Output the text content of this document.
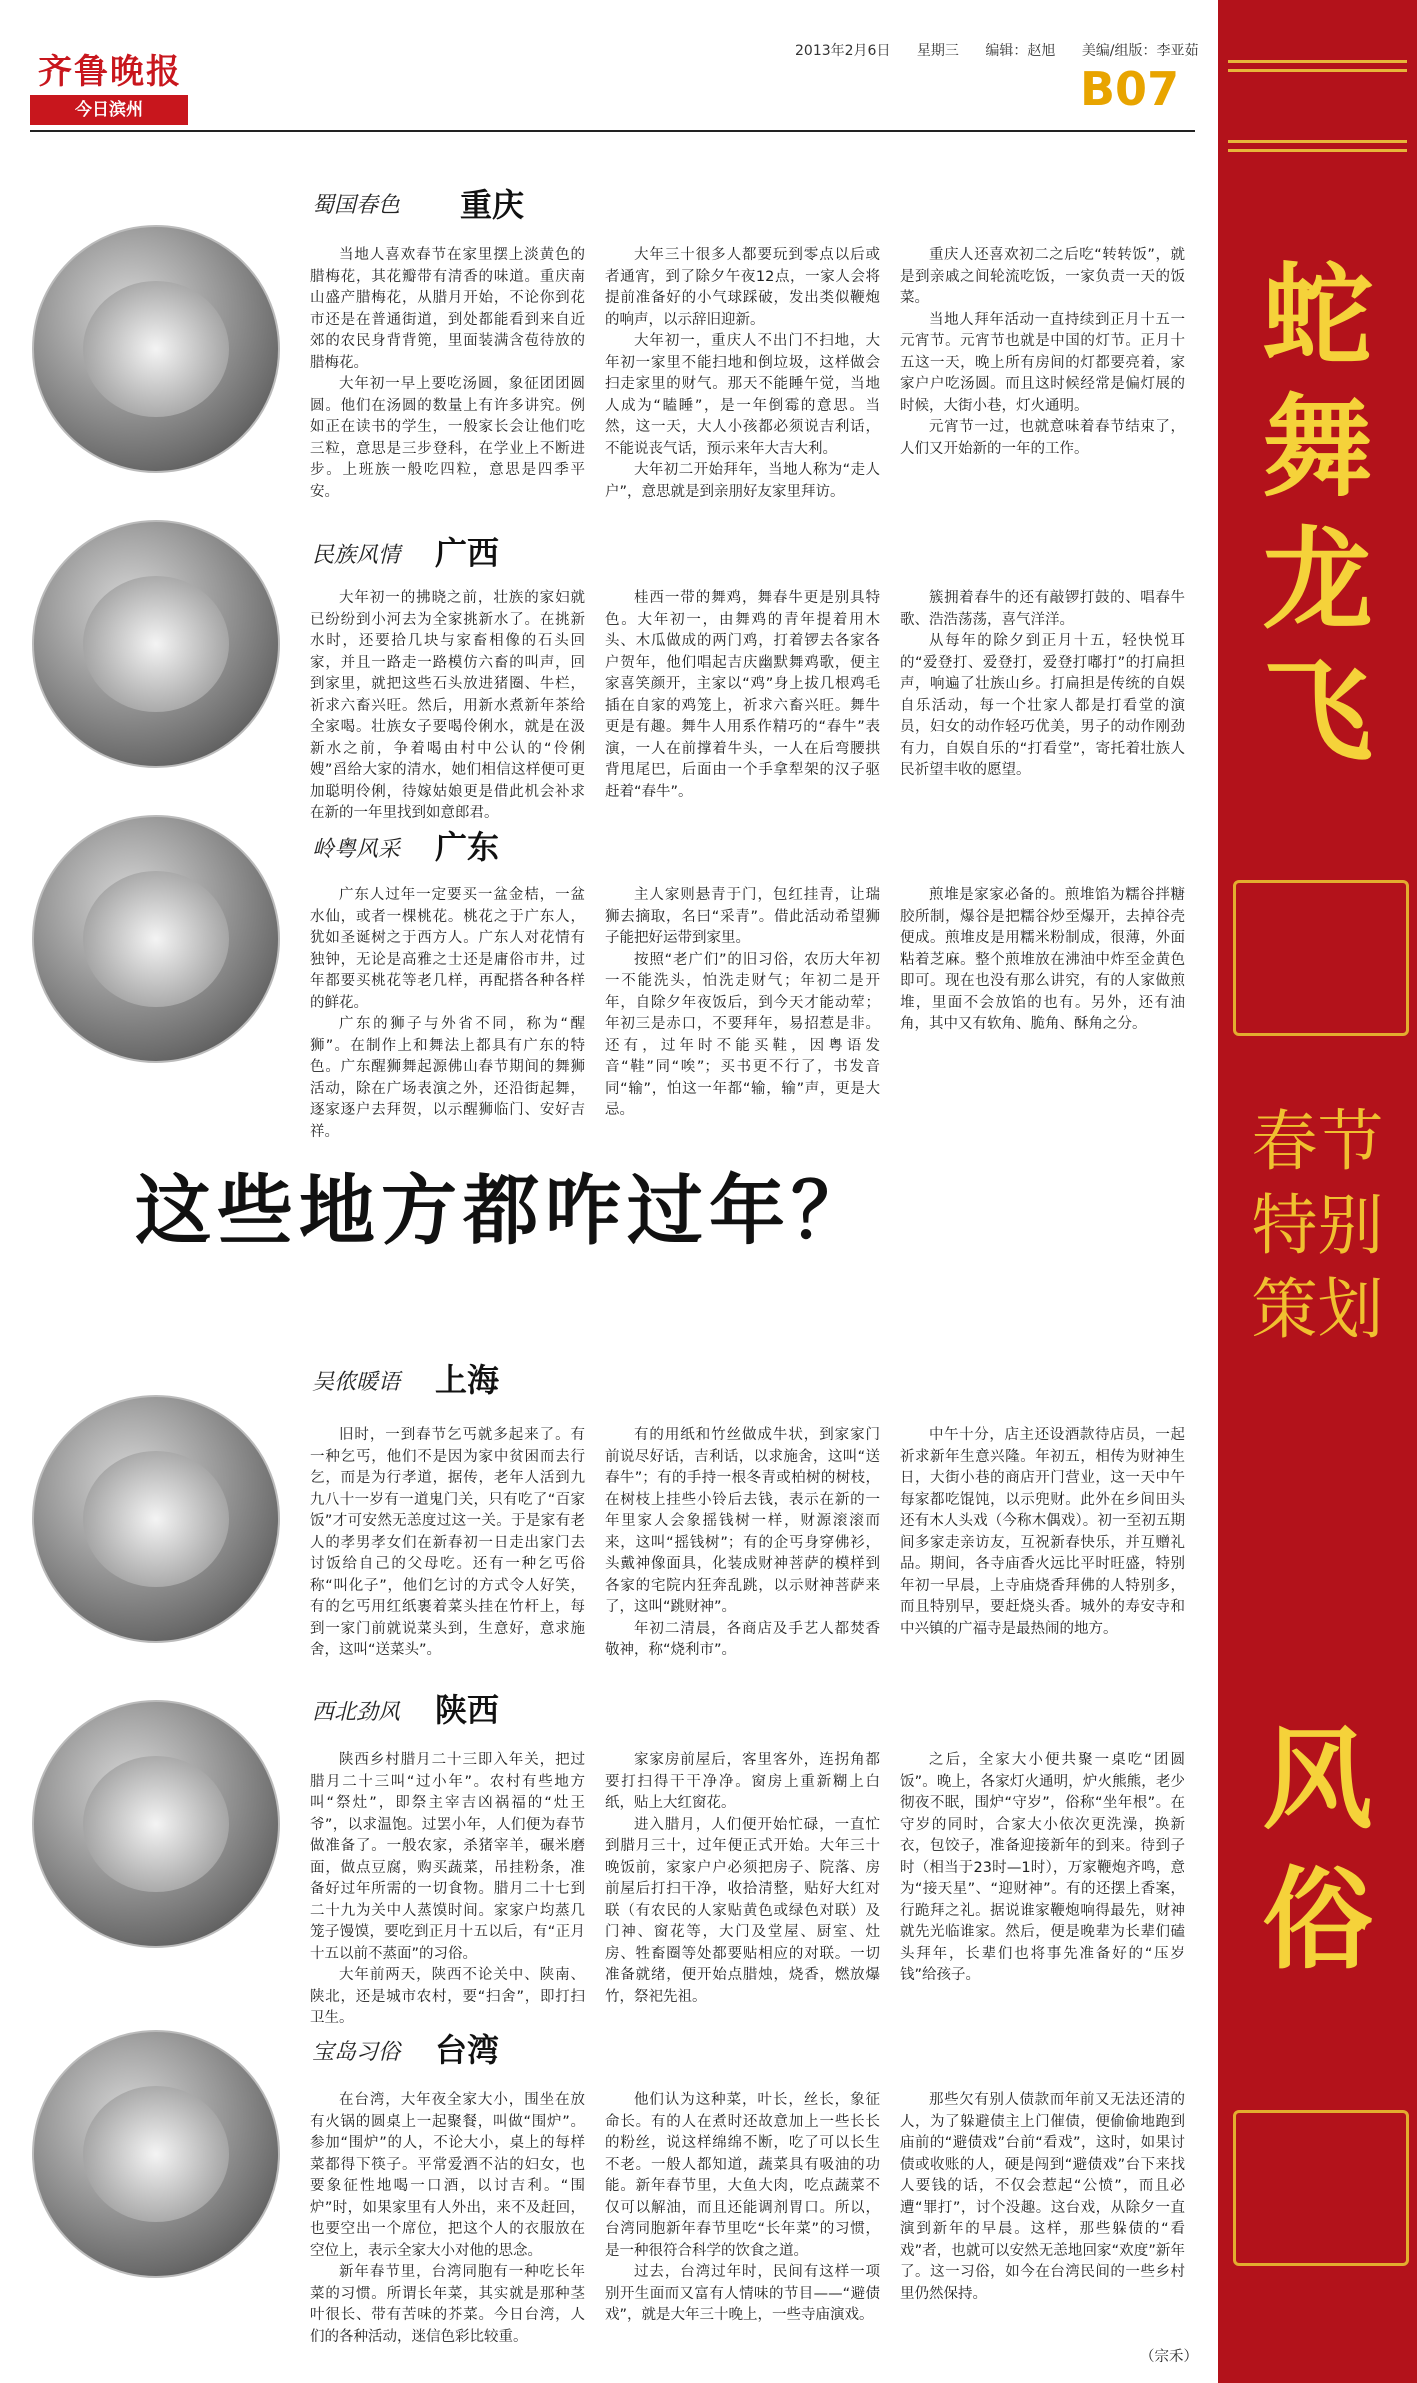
齐鲁晚报
今日滨州
2013年2月6日 星期三 编辑：赵旭 美编/组版：李亚茹
B07
蛇舞龙飞
春节特别策划
风俗
蜀国春色 重庆

当地人喜欢春节在家里摆上淡黄色的腊梅花，其花瓣带有清香的味道。重庆南山盛产腊梅花，从腊月开始，不论你到花市还是在普通街道，到处都能看到来自近郊的农民身背背篼，里面装满含苞待放的腊梅花。

大年初一早上要吃汤圆，象征团团圆圆。他们在汤圆的数量上有许多讲究。例如正在读书的学生，一般家长会让他们吃三粒，意思是三步登科，在学业上不断进步。上班族一般吃四粒，意思是四季平安。

大年三十很多人都要玩到零点以后或者通宵，到了除夕午夜12点，一家人会将提前准备好的小气球踩破，发出类似鞭炮的响声，以示辞旧迎新。

大年初一，重庆人不出门不扫地，大年初一家里不能扫地和倒垃圾，这样做会扫走家里的财气。那天不能睡午觉，当地人成为“瞌睡”，是一年倒霉的意思。当然，这一天，大人小孩都必须说吉利话，不能说丧气话，预示来年大吉大利。

大年初二开始拜年，当地人称为“走人户”，意思就是到亲朋好友家里拜访。

重庆人还喜欢初二之后吃“转转饭”，就是到亲戚之间轮流吃饭，一家负责一天的饭菜。

当地人拜年活动一直持续到正月十五一元宵节。元宵节也就是中国的灯节。正月十五这一天，晚上所有房间的灯都要亮着，家家户户吃汤圆。而且这时候经常是偏灯展的时候，大街小巷，灯火通明。

元宵节一过，也就意味着春节结束了，人们又开始新的一年的工作。

民族风情 广西

大年初一的拂晓之前，壮族的家妇就已纷纷到小河去为全家挑新水了。在挑新水时，还要拾几块与家畜相像的石头回家，并且一路走一路模仿六畜的叫声，回到家里，就把这些石头放进猪圈、牛栏，祈求六畜兴旺。然后，用新水煮新年茶给全家喝。壮族女子要喝伶俐水，就是在汲新水之前，争着喝由村中公认的“伶俐嫂”舀给大家的清水，她们相信这样便可更加聪明伶俐，待嫁姑娘更是借此机会补求在新的一年里找到如意郎君。

桂西一带的舞鸡，舞春牛更是别具特色。大年初一，由舞鸡的青年提着用木头、木瓜做成的两门鸡，打着锣去各家各户贺年，他们唱起吉庆幽默舞鸡歌，便主家喜笑颜开，主家以“鸡”身上拔几根鸡毛插在自家的鸡笼上，祈求六畜兴旺。舞牛更是有趣。舞牛人用系作精巧的“春牛”表演，一人在前撑着牛头，一人在后弯腰拱背甩尾巴，后面由一个手拿犁架的汉子驱赶着“春牛”。

簇拥着春牛的还有敲锣打鼓的、唱春牛歌、浩浩荡荡，喜气洋洋。

从每年的除夕到正月十五，轻快悦耳的“爱登打、爱登打，爱登打嘟打”的打扁担声，响遍了壮族山乡。打扁担是传统的自娱自乐活动，每一个壮家人都是打看堂的演员，妇女的动作轻巧优美，男子的动作刚劲有力，自娱自乐的“打看堂”，寄托着壮族人民祈望丰收的愿望。

岭粤风采 广东

广东人过年一定要买一盆金桔，一盆水仙，或者一棵桃花。桃花之于广东人，犹如圣诞树之于西方人。广东人对花情有独钟，无论是高雅之士还是庸俗市井，过年都要买桃花等老几样，再配搭各种各样的鲜花。

广东的狮子与外省不同，称为“醒狮”。在制作上和舞法上都具有广东的特色。广东醒狮舞起源佛山春节期间的舞狮活动，除在广场表演之外，还沿街起舞，逐家逐户去拜贺，以示醒狮临门、安好吉祥。

主人家则悬青于门，包红挂青，让瑞狮去摘取，名曰“采青”。借此活动希望狮子能把好运带到家里。

按照“老广们”的旧习俗，农历大年初一不能洗头，怕洗走财气；年初二是开年，自除夕年夜饭后，到今天才能动荤；年初三是赤口，不要拜年，易招惹是非。还有，过年时不能买鞋，因粤语发音“鞋”同“唉”；买书更不行了，书发音同“输”，怕这一年都“输，输”声，更是大忌。

煎堆是家家必备的。煎堆馅为糯谷拌糖胶所制，爆谷是把糯谷炒至爆开，去掉谷壳便成。煎堆皮是用糯米粉制成，很薄，外面粘着芝麻。整个煎堆放在沸油中炸至金黄色即可。现在也没有那么讲究，有的人家做煎堆，里面不会放馅的也有。另外，还有油角，其中又有软角、脆角、酥角之分。

这些地方都咋过年？
吴侬暖语 上海

旧时，一到春节乞丐就多起来了。有一种乞丐，他们不是因为家中贫困而去行乞，而是为行孝道，据传，老年人活到九九八十一岁有一道鬼门关，只有吃了“百家饭”才可安然无恙度过这一关。于是家有老人的孝男孝女们在新春初一日走出家门去讨饭给自己的父母吃。还有一种乞丐俗称“叫化子”，他们乞讨的方式令人好笑，有的乞丐用红纸裹着菜头挂在竹杆上，每到一家门前就说菜头到，生意好，意求施舍，这叫“送菜头”。

有的用纸和竹丝做成牛状，到家家门前说尽好话，吉利话，以求施舍，这叫“送春牛”；有的手持一根冬青或柏树的树枝，在树枝上挂些小铃后去钱，表示在新的一年里家人会象摇钱树一样，财源滚滚而来，这叫“摇钱树”；有的企丐身穿佛衫，头戴神像面具，化装成财神菩萨的模样到各家的宅院内狂奔乱跳，以示财神菩萨来了，这叫“跳财神”。

年初二清晨，各商店及手艺人都焚香敬神，称“烧利市”。

中午十分，店主还设酒款待店员，一起祈求新年生意兴隆。年初五，相传为财神生日，大街小巷的商店开门营业，这一天中午每家都吃馄饨，以示兜财。此外在乡间田头还有木人头戏（今称木偶戏）。初一至初五期间多家走亲访友，互祝新春快乐，并互赠礼品。期间，各寺庙香火远比平时旺盛，特别年初一早晨，上寺庙烧香拜佛的人特别多，而且特别早，要赶烧头香。城外的寿安寺和中兴镇的广福寺是最热闹的地方。

西北劲风 陕西

陕西乡村腊月二十三即入年关，把过腊月二十三叫“过小年”。农村有些地方叫“祭灶”，即祭主宰吉凶祸福的“灶王爷”，以求温饱。过罢小年，人们便为春节做准备了。一般农家，杀猪宰羊，碾米磨面，做点豆腐，购买蔬菜，吊挂粉条，准备好过年所需的一切食物。腊月二十七到二十九为关中人蒸馍时间。家家户均蒸几笼子馒馍，要吃到正月十五以后，有“正月十五以前不蒸面”的习俗。

大年前两天，陕西不论关中、陕南、陕北，还是城市农村，要“扫舍”，即打扫卫生。

家家房前屋后，客里客外，连拐角都要打扫得干干净净。窗房上重新糊上白纸，贴上大红窗花。

进入腊月，人们便开始忙碌，一直忙到腊月三十，过年便正式开始。大年三十晚饭前，家家户户必须把房子、院落、房前屋后打扫干净，收拾清整，贴好大红对联（有农民的人家贴黄色或绿色对联）及门神、窗花等，大门及堂屋、厨室、灶房、牲畜圈等处都要贴相应的对联。一切准备就绪，便开始点腊烛，烧香，燃放爆竹，祭祀先祖。

之后，全家大小便共聚一桌吃“团圆饭”。晚上，各家灯火通明，炉火熊熊，老少彻夜不眠，围炉“守岁”，俗称“坐年根”。在守岁的同时，合家大小依次更洗澡，换新衣，包饺子，准备迎接新年的到来。待到子时（相当于23时—1时），万家鞭炮齐鸣，意为“接天星”、“迎财神”。有的还摆上香案，行跪拜之礼。据说谁家鞭炮响得最先，财神就先光临谁家。然后，便是晚辈为长辈们磕头拜年，长辈们也将事先准备好的“压岁钱”给孩子。

宝岛习俗 台湾

在台湾，大年夜全家大小，围坐在放有火锅的圆桌上一起聚餐，叫做“围炉”。参加“围炉”的人，不论大小，桌上的每样菜都得下筷子。平常爱酒不沾的妇女，也要象征性地喝一口酒，以讨吉利。“围炉”时，如果家里有人外出，来不及赶回，也要空出一个席位，把这个人的衣服放在空位上，表示全家大小对他的思念。

新年春节里，台湾同胞有一种吃长年菜的习惯。所谓长年菜，其实就是那种茎叶很长、带有苦味的芥菜。今日台湾，人们的各种活动，迷信色彩比较重。

他们认为这种菜，叶长，丝长，象征命长。有的人在煮时还故意加上一些长长的粉丝，说这样绵绵不断，吃了可以长生不老。一般人都知道，蔬菜具有吸油的功能。新年春节里，大鱼大肉，吃点蔬菜不仅可以解油，而且还能调剂胃口。所以，台湾同胞新年春节里吃“长年菜”的习惯，是一种很符合科学的饮食之道。

过去，台湾过年时，民间有这样一项别开生面而又富有人情味的节目——“避债戏”，就是大年三十晚上，一些寺庙演戏。

那些欠有别人债款而年前又无法还清的人，为了躲避债主上门催债，便偷偷地跑到庙前的“避债戏”台前“看戏”，这时，如果讨债或收账的人，硬是闯到“避债戏”台下来找人要钱的话，不仅会惹起“公愤”，而且必遭“罪打”，讨个没趣。这台戏，从除夕一直演到新年的早晨。这样，那些躲债的“看戏”者，也就可以安然无恙地回家“欢度”新年了。这一习俗，如今在台湾民间的一些乡村里仍然保持。

（宗禾）
